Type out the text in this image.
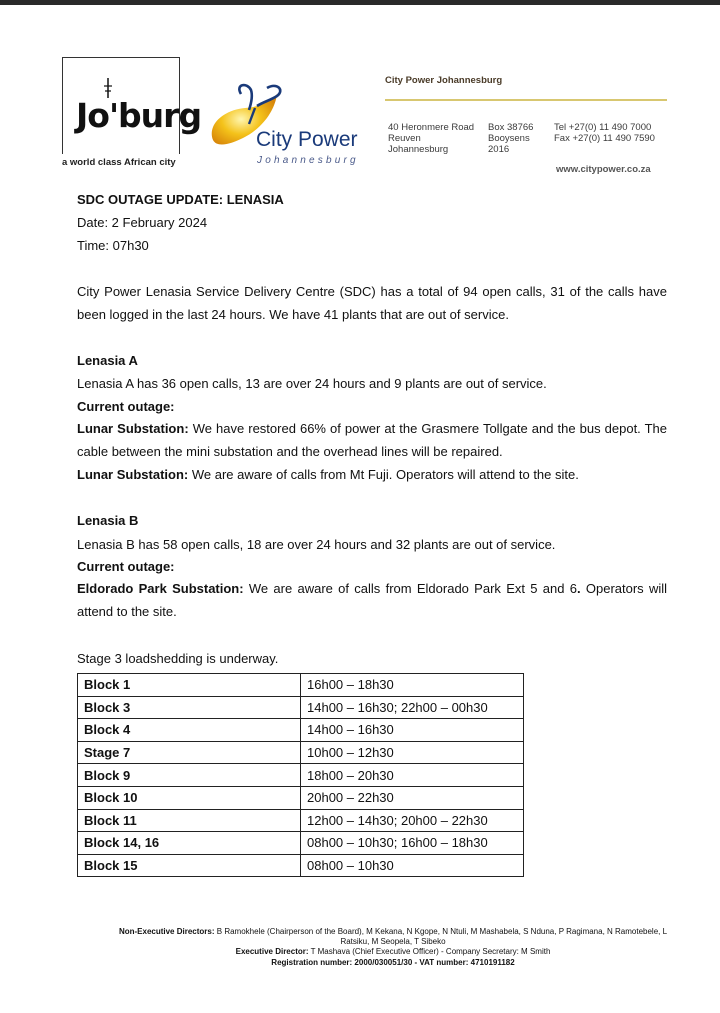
Jo'burg
a world class African city
City Power
Johannesburg
City Power Johannesburg
40 Heronmere Road
Reuven
Johannesburg
Box 38766
Booysens
2016
Tel +27(0) 11 490 7000
Fax +27(0) 11 490 7590
www.citypower.co.za
SDC OUTAGE UPDATE: LENASIA
Date: 2 February 2024
Time: 07h30
City Power Lenasia Service Delivery Centre (SDC) has a total of 94 open calls, 31 of the calls have been logged in the last 24 hours. We have 41 plants that are out of service.
Lenasia A
Lenasia A has 36 open calls, 13 are over 24 hours and 9 plants are out of service.
Current outage:
Lunar Substation: We have restored 66% of power at the Grasmere Tollgate and the bus depot. The cable between the mini substation and the overhead lines will be repaired.
Lunar Substation: We are aware of calls from Mt Fuji. Operators will attend to the site.
Lenasia B
Lenasia B has 58 open calls, 18 are over 24 hours and 32 plants are out of service.
Current outage:
Eldorado Park Substation: We are aware of calls from Eldorado Park Ext 5 and 6. Operators will attend to the site.
Stage 3 loadshedding is underway.
Block 1	16h00 – 18h30
Block 3	14h00 – 16h30; 22h00 – 00h30
Block 4	14h00 – 16h30
Stage 7	10h00 – 12h30
Block 9	18h00 – 20h30
Block 10	20h00 – 22h30
Block 11	12h00 – 14h30; 20h00 – 22h30
Block 14, 16	08h00 – 10h30; 16h00 – 18h30
Block 15	08h00 – 10h30
Non-Executive Directors: B Ramokhele (Chairperson of the Board), M Kekana, N Kgope, N Ntuli, M Mashabela, S Nduna, P Ragimana, N Ramotebele, L Ratsiku, M Seopela, T Sibeko
Executive Director: T Mashava (Chief Executive Officer) - Company Secretary: M Smith
Registration number: 2000/030051/30 - VAT number: 4710191182
